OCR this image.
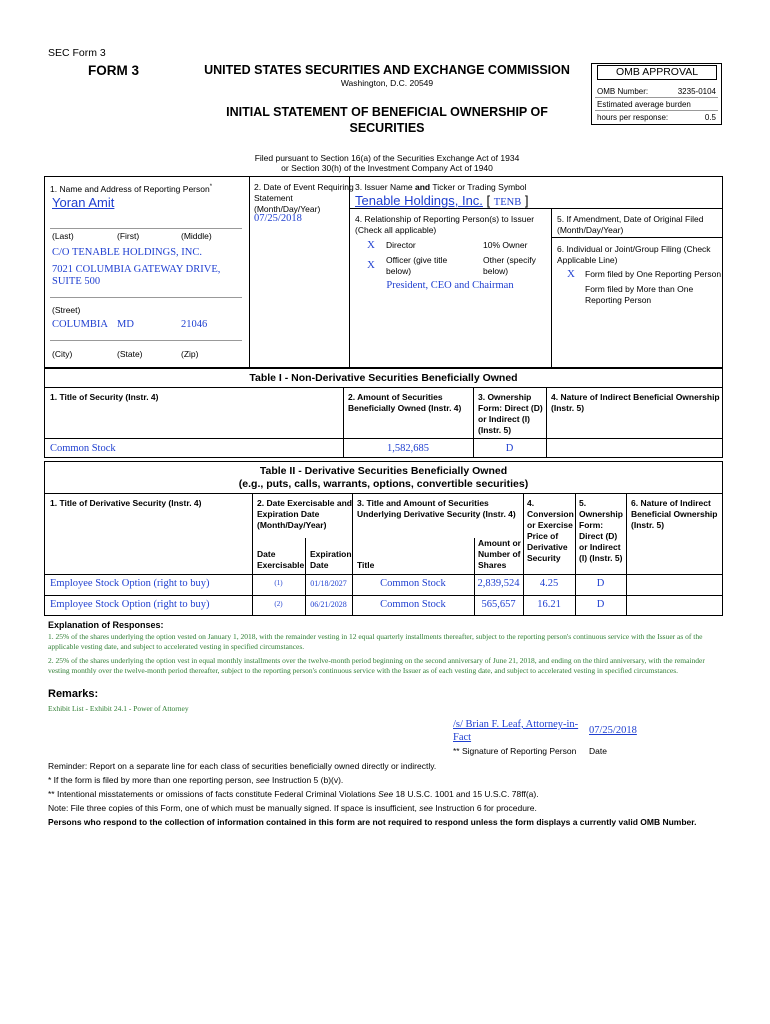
SEC Form 3
FORM 3	UNITED STATES SECURITIES AND EXCHANGE COMMISSION
Washington, D.C. 20549
INITIAL STATEMENT OF BENEFICIAL OWNERSHIP OF
SECURITIES
OMB APPROVAL
OMB Number:	3235-0104
Estimated average burden
hours per response:	0.5
Filed pursuant to Section 16(a) of the Securities Exchange Act of 1934
or Section 30(h) of the Investment Company Act of 1940
1. Name and Address of Reporting Person*
Yoran Amit
(Last)	(First)	(Middle)
C/O TENABLE HOLDINGS, INC.
7021 COLUMBIA GATEWAY DRIVE,
SUITE 500
(Street)
COLUMBIA MD	21046
(City)	(State)	(Zip)
2. Date of Event Requiring
Statement
(Month/Day/Year)
07/25/2018
3. Issuer Name and Ticker or Trading Symbol
Tenable Holdings, Inc. [ TENB ]
4. Relationship of Reporting Person(s) to Issuer
(Check all applicable)
X Director	10% Owner
X Officer (give title
below)
Other (specify
below)
President, CEO and Chairman
5. If Amendment, Date of Original Filed
(Month/Day/Year)
6. Individual or Joint/Group Filing (Check
Applicable Line)
X Form filed by One Reporting Person
Form filed by More than One
Reporting Person
Table I - Non-Derivative Securities Beneficially Owned
1. Title of Security (Instr. 4)	2. Amount of Securities
Beneficially Owned (Instr. 4)
3. Ownership
Form: Direct (D)
or Indirect (I)
(Instr. 5)
4. Nature of Indirect Beneficial Ownership
(Instr. 5)
Common Stock	1,582,685	D
Table II - Derivative Securities Beneficially Owned
(e.g., puts, calls, warrants, options, convertible securities)
1. Title of Derivative Security (Instr. 4)	2. Date Exercisable and
Expiration Date
(Month/Day/Year)
Date
Exercisable
Expiration
Date
3. Title and Amount of Securities
Underlying Derivative Security (Instr. 4)
Title
Amount or
Number of
Shares
4.
Conversion
or Exercise
Price of
Derivative
Security
5.
Ownership
Form:
Direct (D)
or Indirect
(I) (Instr. 5)
6. Nature of Indirect
Beneficial Ownership
(Instr. 5)
Employee Stock Option (right to buy)	(1)	01/18/2027	Common Stock	2,839,524	4.25	D
Employee Stock Option (right to buy)	(2)	06/21/2028	Common Stock	565,657	16.21	D
Explanation of Responses:
1. 25% of the shares underlying the option vested on January 1, 2018, with the remainder vesting in 12 equal quarterly installments thereafter, subject to the reporting person's continuous service with the Issuer as of the applicable vesting date, and subject to accelerated vesting in specified circumstances.
2. 25% of the shares underlying the option vest in equal monthly installments over the twelve-month period beginning on the second anniversary of June 21, 2018, and ending on the third anniversary, with the remainder vesting monthly over the twelve-month period thereafter, subject to the reporting person's continuous service with the Issuer as of each vesting date, and subject to accelerated vesting in specified circumstances.
Remarks:
Exhibit List - Exhibit 24.1 - Power of Attorney
/s/ Brian F. Leaf, Attorney-in-
Fact
07/25/2018
** Signature of Reporting Person Date
Reminder: Report on a separate line for each class of securities beneficially owned directly or indirectly.
* If the form is filed by more than one reporting person, see Instruction 5 (b)(v).
** Intentional misstatements or omissions of facts constitute Federal Criminal Violations See 18 U.S.C. 1001 and 15 U.S.C. 78ff(a).
Note: File three copies of this Form, one of which must be manually signed. If space is insufficient, see Instruction 6 for procedure.
Persons who respond to the collection of information contained in this form are not required to respond unless the form displays a currently valid OMB Number.
